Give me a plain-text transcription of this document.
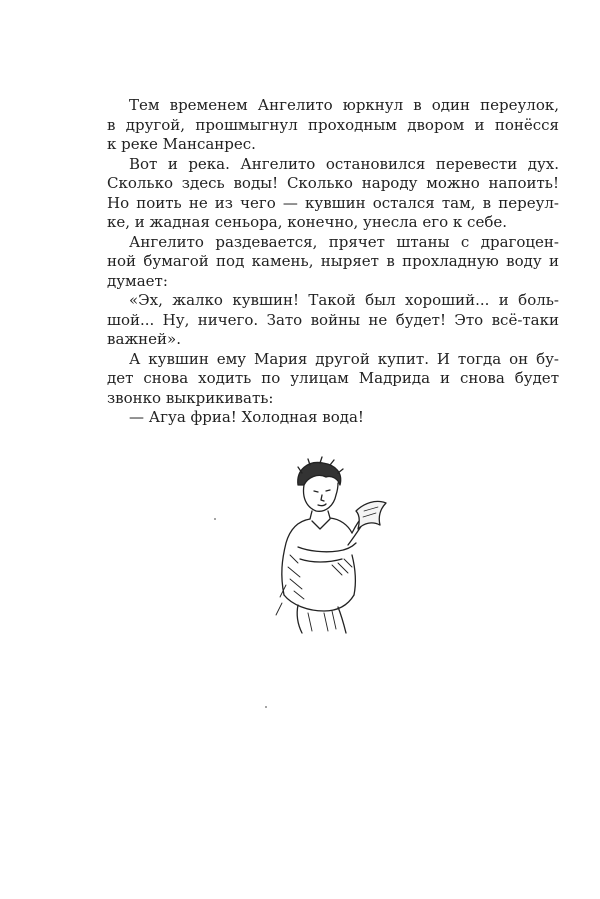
Тем временем Ангелито юркнул в один переулок,
в другой, прошмыгнул проходным двором и понёсся
к реке Мансанрес.

Вот и река. Ангелито остановился перевести дух.
Сколько здесь воды! Сколько народу можно напоить!
Но поить не из чего — кувшин остался там, в переул-
ке, и жадная сеньора, конечно, унесла его к себе.

Ангелито раздевается, прячет штаны с драгоцен-
ной бумагой под камень, ныряет в прохладную воду и
думает:

«Эх, жалко кувшин! Такой был хороший... и боль-
шой... Ну, ничего. Зато войны не будет! Это всё-таки
важней».

А кувшин ему Мария другой купит. И тогда он бу-
дет снова ходить по улицам Мадрида и снова будет
звонко выкрикивать:

— Агуа фриа! Холодная вода!
